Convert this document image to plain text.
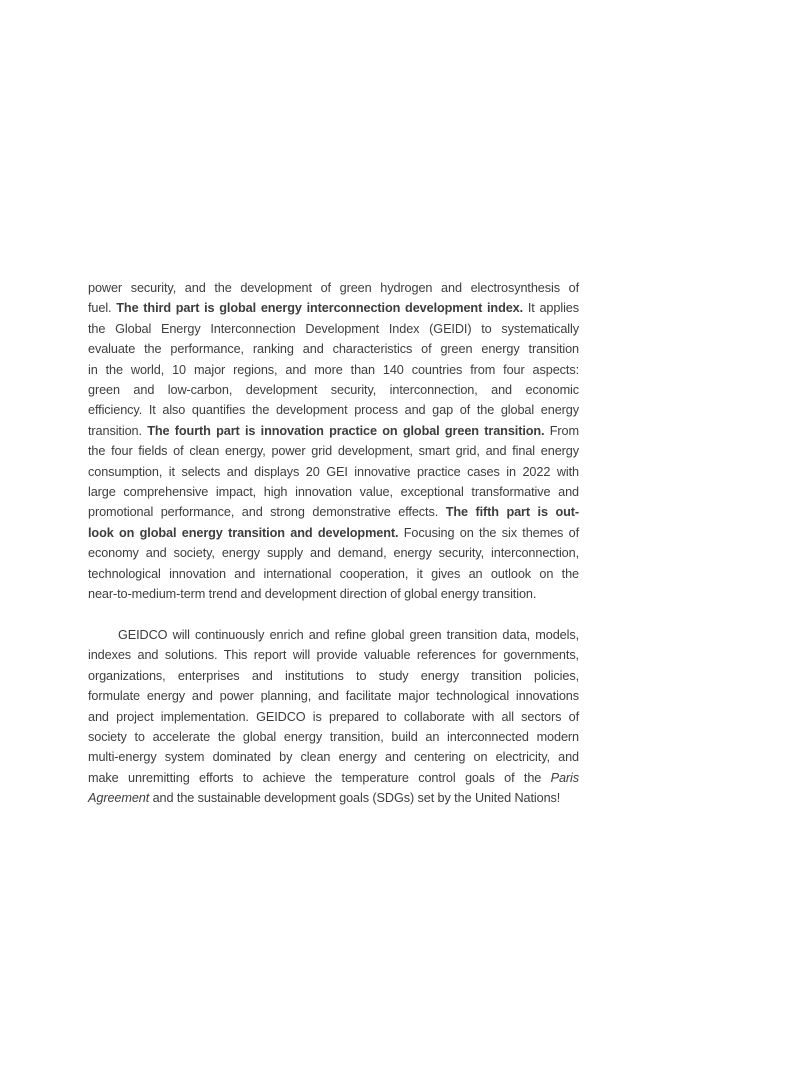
power security, and the development of green hydrogen and electrosynthesis of
fuel. The third part is global energy interconnection development index. It applies
the Global Energy Interconnection Development Index (GEIDI) to systematically
evaluate the performance, ranking and characteristics of green energy transition
in the world, 10 major regions, and more than 140 countries from four aspects:
green and low-carbon, development security, interconnection, and economic
efficiency. It also quantifies the development process and gap of the global energy
transition. The fourth part is innovation practice on global green transition. From
the four fields of clean energy, power grid development, smart grid, and final energy
consumption, it selects and displays 20 GEI innovative practice cases in 2022 with
large comprehensive impact, high innovation value, exceptional transformative and
promotional performance, and strong demonstrative effects. The fifth part is out-
look on global energy transition and development. Focusing on the six themes of
economy and society, energy supply and demand, energy security, interconnection,
technological innovation and international cooperation, it gives an outlook on the
near-to-medium-term trend and development direction of global energy transition.
GEIDCO will continuously enrich and refine global green transition data, models,
indexes and solutions. This report will provide valuable references for governments,
organizations, enterprises and institutions to study energy transition policies,
formulate energy and power planning, and facilitate major technological innovations
and project implementation. GEIDCO is prepared to collaborate with all sectors of
society to accelerate the global energy transition, build an interconnected modern
multi-energy system dominated by clean energy and centering on electricity, and
make unremitting efforts to achieve the temperature control goals of the Paris
Agreement and the sustainable development goals (SDGs) set by the United Nations!
